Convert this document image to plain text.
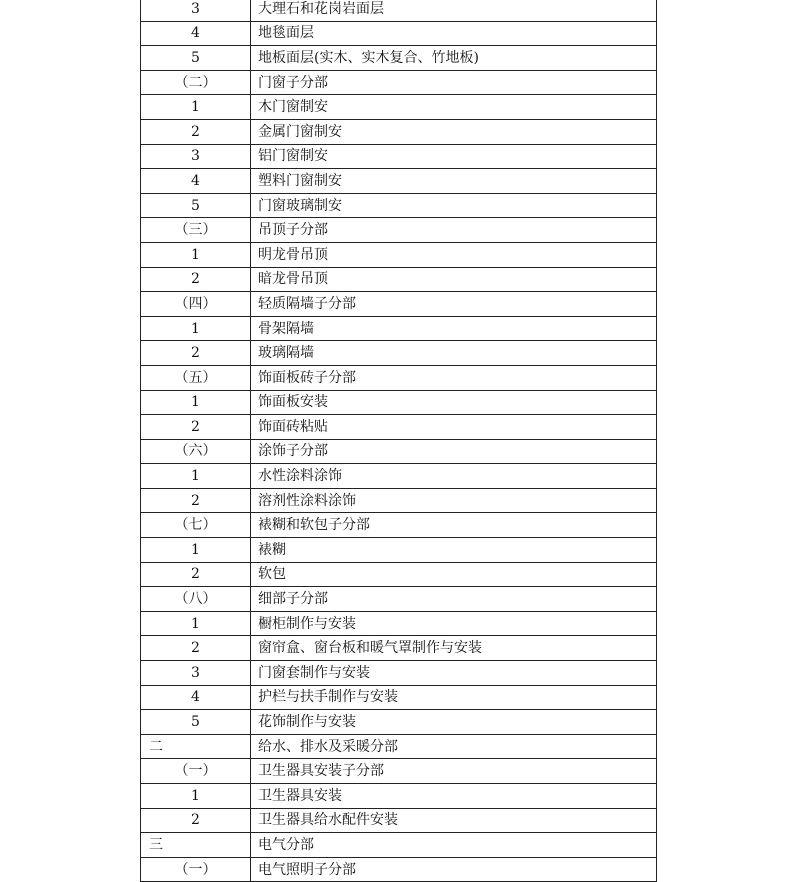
3	大理石和花岗岩面层
4	地毯面层
5	地板面层(实木、实木复合、竹地板)
（二）	门窗子分部
1	木门窗制安
2	金属门窗制安
3	铝门窗制安
4	塑料门窗制安
5	门窗玻璃制安
（三）	吊顶子分部
1	明龙骨吊顶
2	暗龙骨吊顶
（四）	轻质隔墙子分部
1	骨架隔墙
2	玻璃隔墙
（五）	饰面板砖子分部
1	饰面板安装
2	饰面砖粘贴
（六）	涂饰子分部
1	水性涂料涂饰
2	溶剂性涂料涂饰
（七）	裱糊和软包子分部
1	裱糊
2	软包
（八）	细部子分部
1	橱柜制作与安装
2	窗帘盒、窗台板和暖气罩制作与安装
3	门窗套制作与安装
4	护栏与扶手制作与安装
5	花饰制作与安装
二	给水、排水及采暖分部
（一）	卫生器具安装子分部
1	卫生器具安装
2	卫生器具给水配件安装
三	电气分部
（一）	电气照明子分部
